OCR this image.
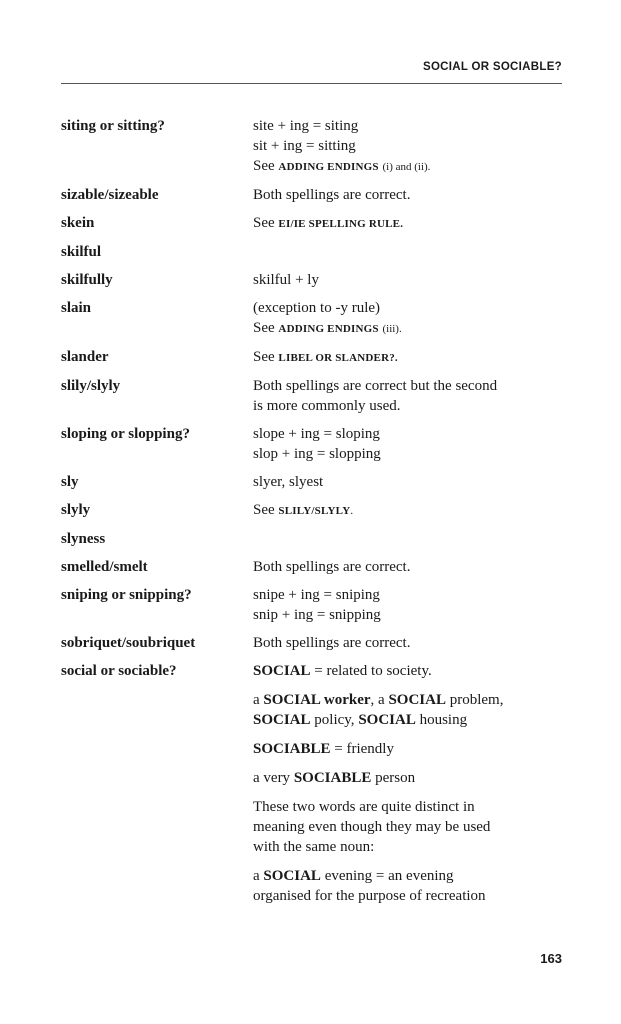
SOCIAL OR SOCIABLE?
siting or sitting?	site + ing = siting
sit + ing = sitting
See ADDING ENDINGS (i) and (ii).
sizable/sizeable	Both spellings are correct.
skein	See EI/IE SPELLING RULE.
skilful
skilfully	skilful + ly
slain	(exception to -y rule)
See ADDING ENDINGS (iii).
slander	See LIBEL OR SLANDER?.
slily/slyly	Both spellings are correct but the second
is more commonly used.
sloping or slopping?	slope + ing = sloping
slop + ing = slopping
sly	slyer, slyest
slyly	See SLILY/SLYLY.
slyness
smelled/smelt	Both spellings are correct.
sniping or snipping?	snipe + ing = sniping
snip + ing = snipping
sobriquet/soubriquet	Both spellings are correct.
social or sociable?	SOCIAL = related to society.
a SOCIAL worker, a SOCIAL problem,
SOCIAL policy, SOCIAL housing
SOCIABLE = friendly
a very SOCIABLE person
These two words are quite distinct in
meaning even though they may be used
with the same noun:
a SOCIAL evening = an evening
organised for the purpose of recreation
163
